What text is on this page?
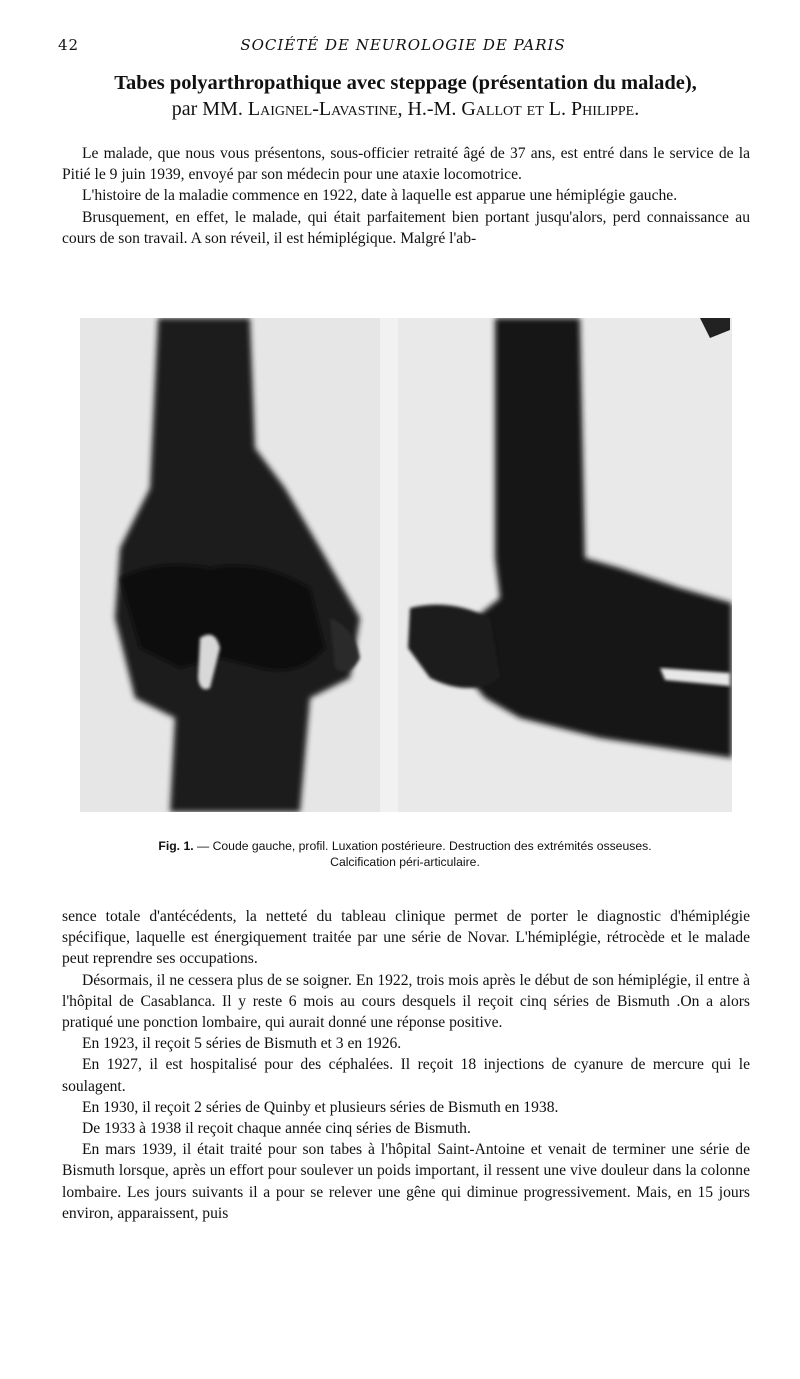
42	SOCIÉTÉ DE NEUROLOGIE DE PARIS
Tabes polyarthropathique avec steppage (présentation du malade),
par MM. Laignel-Lavastine, H.-M. Gallot et L. Philippe.

Le malade, que nous vous présentons, sous-officier retraité âgé de 37 ans, est entré dans le service de la Pitié le 9 juin 1939, envoyé par son médecin pour une ataxie locomotrice.

L'histoire de la maladie commence en 1922, date à laquelle est apparue une hémiplégie gauche.

Brusquement, en effet, le malade, qui était parfaitement bien portant jusqu'alors, perd connaissance au cours de son travail. A son réveil, il est hémiplégique. Malgré l'ab-

Fig. 1. — Coude gauche, profil. Luxation postérieure. Destruction des extrémités osseuses.
Calcification péri-articulaire.

sence totale d'antécédents, la netteté du tableau clinique permet de porter le diagnostic d'hémiplégie spécifique, laquelle est énergiquement traitée par une série de Novar. L'hémiplégie, rétrocède et le malade peut reprendre ses occupations.

Désormais, il ne cessera plus de se soigner. En 1922, trois mois après le début de son hémiplégie, il entre à l'hôpital de Casablanca. Il y reste 6 mois au cours desquels il reçoit cinq séries de Bismuth .On a alors pratiqué une ponction lombaire, qui aurait donné une réponse positive.

En 1923, il reçoit 5 séries de Bismuth et 3 en 1926.

En 1927, il est hospitalisé pour des céphalées. Il reçoit 18 injections de cyanure de mercure qui le soulagent.

En 1930, il reçoit 2 séries de Quinby et plusieurs séries de Bismuth en 1938.

De 1933 à 1938 il reçoit chaque année cinq séries de Bismuth.

En mars 1939, il était traité pour son tabes à l'hôpital Saint-Antoine et venait de terminer une série de Bismuth lorsque, après un effort pour soulever un poids important, il ressent une vive douleur dans la colonne lombaire. Les jours suivants il a pour se relever une gêne qui diminue progressivement. Mais, en 15 jours environ, apparaissent, puis
